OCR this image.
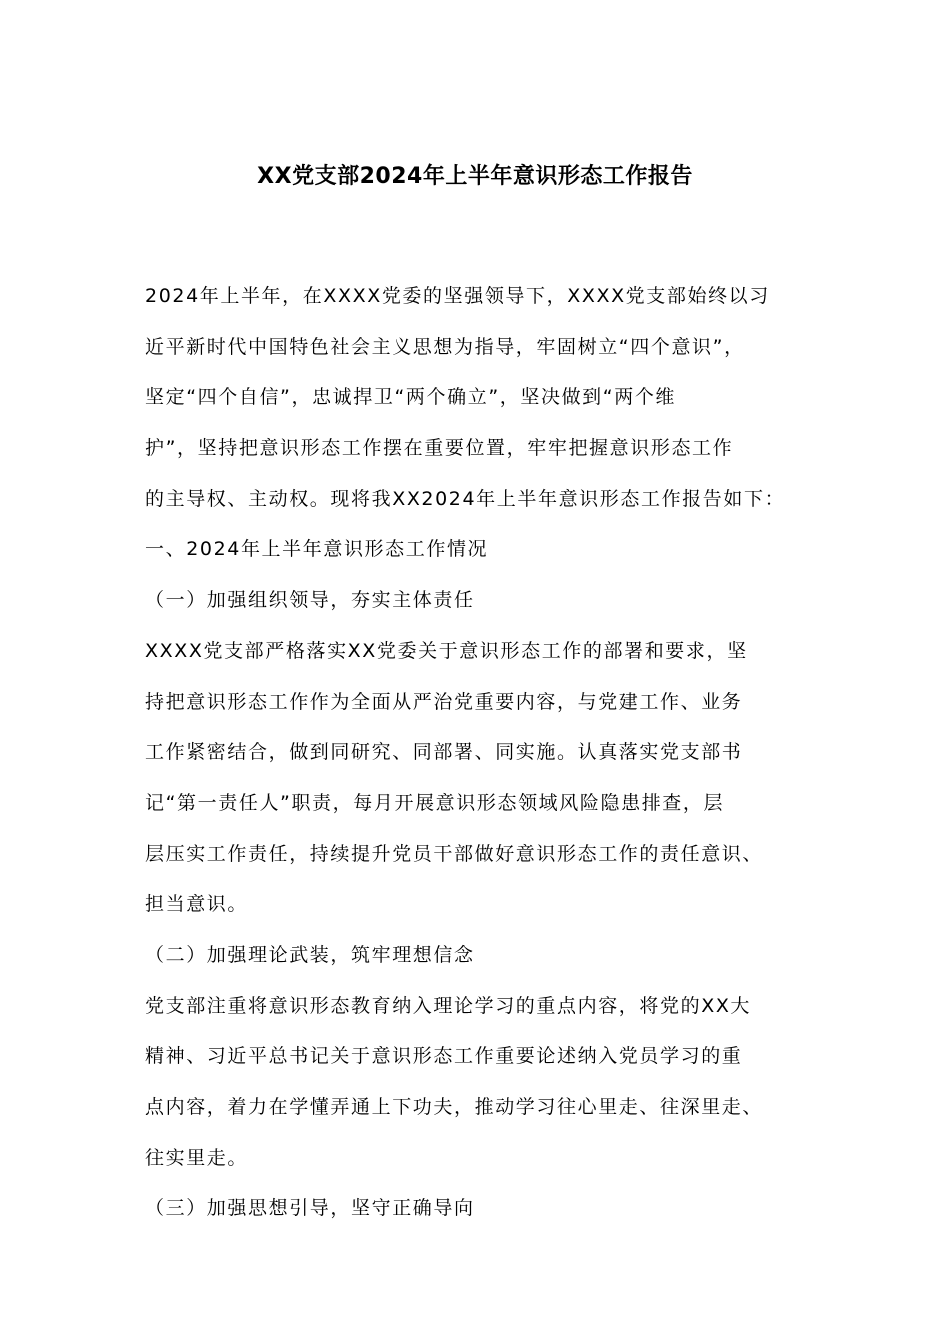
XX党支部2024年上半年意识形态工作报告
2024年上半年，在XXXX党委的坚强领导下，XXXX党支部始终以习
近平新时代中国特色社会主义思想为指导，牢固树立“四个意识”，
坚定“四个自信”，忠诚捍卫“两个确立”，坚决做到“两个维
护”，坚持把意识形态工作摆在重要位置，牢牢把握意识形态工作
的主导权、主动权。现将我XX2024年上半年意识形态工作报告如下：
一、2024年上半年意识形态工作情况
（一）加强组织领导，夯实主体责任
XXXX党支部严格落实XX党委关于意识形态工作的部署和要求，坚
持把意识形态工作作为全面从严治党重要内容，与党建工作、业务
工作紧密结合，做到同研究、同部署、同实施。认真落实党支部书
记“第一责任人”职责，每月开展意识形态领域风险隐患排查，层
层压实工作责任，持续提升党员干部做好意识形态工作的责任意识、
担当意识。
（二）加强理论武装，筑牢理想信念
党支部注重将意识形态教育纳入理论学习的重点内容，将党的XX大
精神、习近平总书记关于意识形态工作重要论述纳入党员学习的重
点内容，着力在学懂弄通上下功夫，推动学习往心里走、往深里走、
往实里走。
（三）加强思想引导，坚守正确导向
